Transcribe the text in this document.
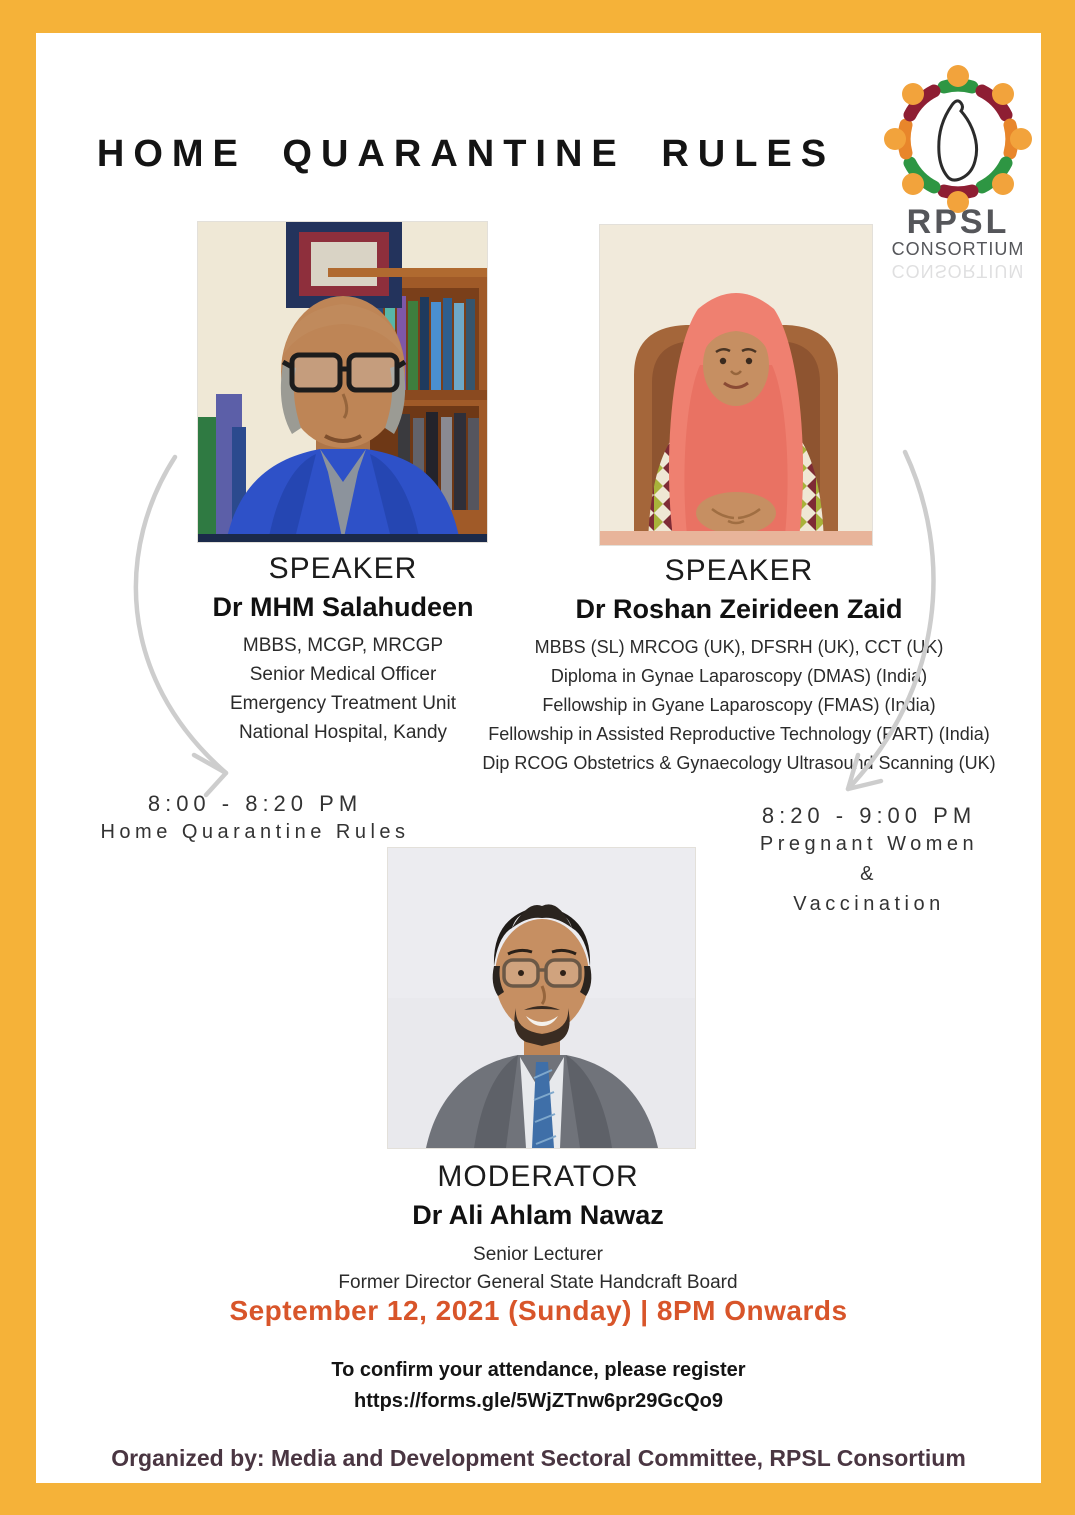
HOME QUARANTINE RULES
RPSL
CONSORTIUM
CONSORTIUM
SPEAKER
Dr MHM Salahudeen
MBBS, MCGP, MRCGP
Senior Medical Officer
Emergency Treatment Unit
National Hospital, Kandy
SPEAKER
Dr Roshan Zeirideen Zaid
MBBS (SL) MRCOG (UK), DFSRH (UK), CCT (UK)
Diploma in Gynae Laparoscopy (DMAS) (India)
Fellowship in Gyane Laparoscopy (FMAS) (India)
Fellowship in Assisted Reproductive Technology (FART) (India)
Dip RCOG Obstetrics & Gynaecology Ultrasound Scanning (UK)
8:00 - 8:20 PM
Home Quarantine Rules
8:20 - 9:00 PM
Pregnant Women
&
Vaccination
MODERATOR
Dr Ali Ahlam Nawaz
Senior Lecturer
Former Director General State Handcraft Board
September 12, 2021 (Sunday) | 8PM Onwards
To confirm your attendance, please register
https://forms.gle/5WjZTnw6pr29GcQo9
Organized by: Media and Development Sectoral Committee, RPSL Consortium
